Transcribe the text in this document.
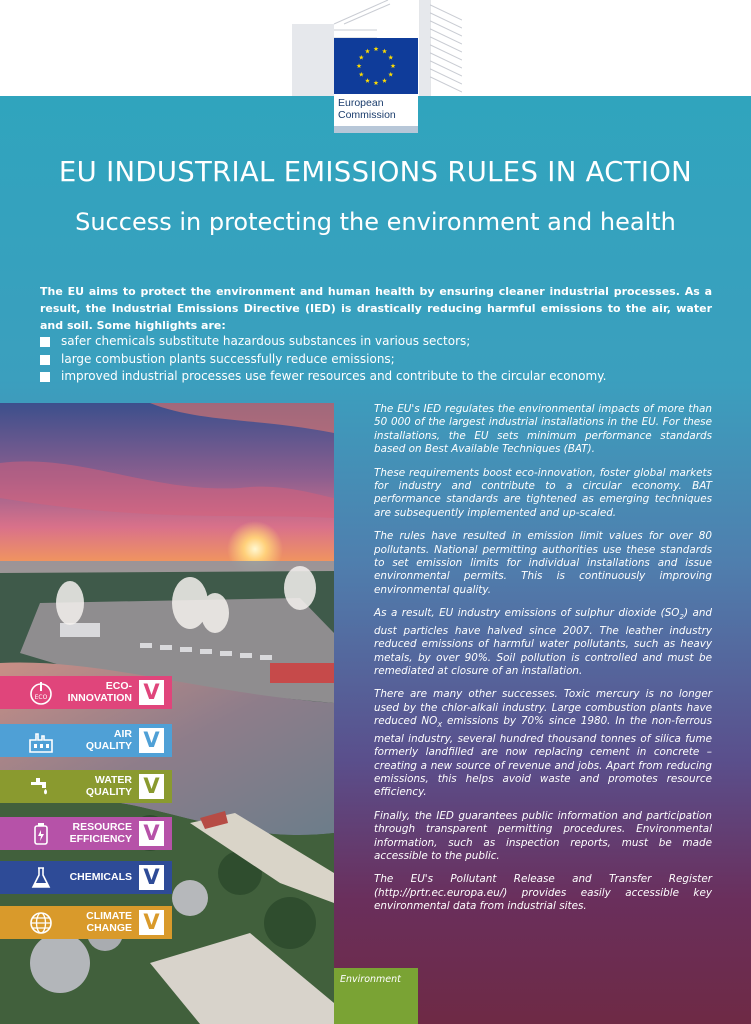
European
Commission
EU INDUSTRIAL EMISSIONS RULES IN ACTION
Success in protecting the environment and health

The EU aims to protect the environment and human health by ensuring cleaner industrial processes. As a result, the Industrial Emissions Directive (IED) is drastically reducing harmful emissions to the air, water and soil. Some highlights are:

safer chemicals substitute hazardous substances in various sectors;
large combustion plants successfully reduce emissions;
improved industrial processes use fewer resources and contribute to the circular economy.
ECO
ECO-
INNOVATION V
AIR
QUALITY V
WATER
QUALITY V
RESOURCE
EFFICIENCY V
CHEMICALS V
CLIMATE
CHANGE V

The EU's IED regulates the environmental impacts of more than 50 000 of the largest industrial installations in the EU. For these installations, the EU sets minimum performance standards based on Best Available Techniques (BAT).

These requirements boost eco-innovation, foster global markets for industry and contribute to a circular economy. BAT performance standards are tightened as emerging techniques are subsequently implemented and up-scaled.

The rules have resulted in emission limit values for over 80 pollutants. National permitting authorities use these standards to set emission limits for individual installations and issue environmental permits. This is continuously improving environmental quality.

As a result, EU industry emissions of sulphur dioxide $(SO_2)$ and dust particles have halved since 2007. The leather industry reduced emissions of harmful water pollutants, such as heavy metals, by over 90%. Soil pollution is controlled and must be remediated at closure of an installation.

There are many other successes. Toxic mercury is no longer used by the chlor-alkali industry. Large combustion plants have reduced $NO_X$ emissions by 70% since 1980. In the non-ferrous metal industry, several hundred thousand tonnes of silica fume formerly landfilled are now replacing cement in concrete – creating a new source of revenue and jobs. Apart from reducing emissions, this helps avoid waste and promotes resource efficiency.

Finally, the IED guarantees public information and participation through transparent permitting procedures. Environmental information, such as inspection reports, must be made accessible to the public.

The EU's Pollutant Release and Transfer Register (http://prtr.ec.europa.eu/) provides easily accessible key environmental data from industrial sites.

Environment
